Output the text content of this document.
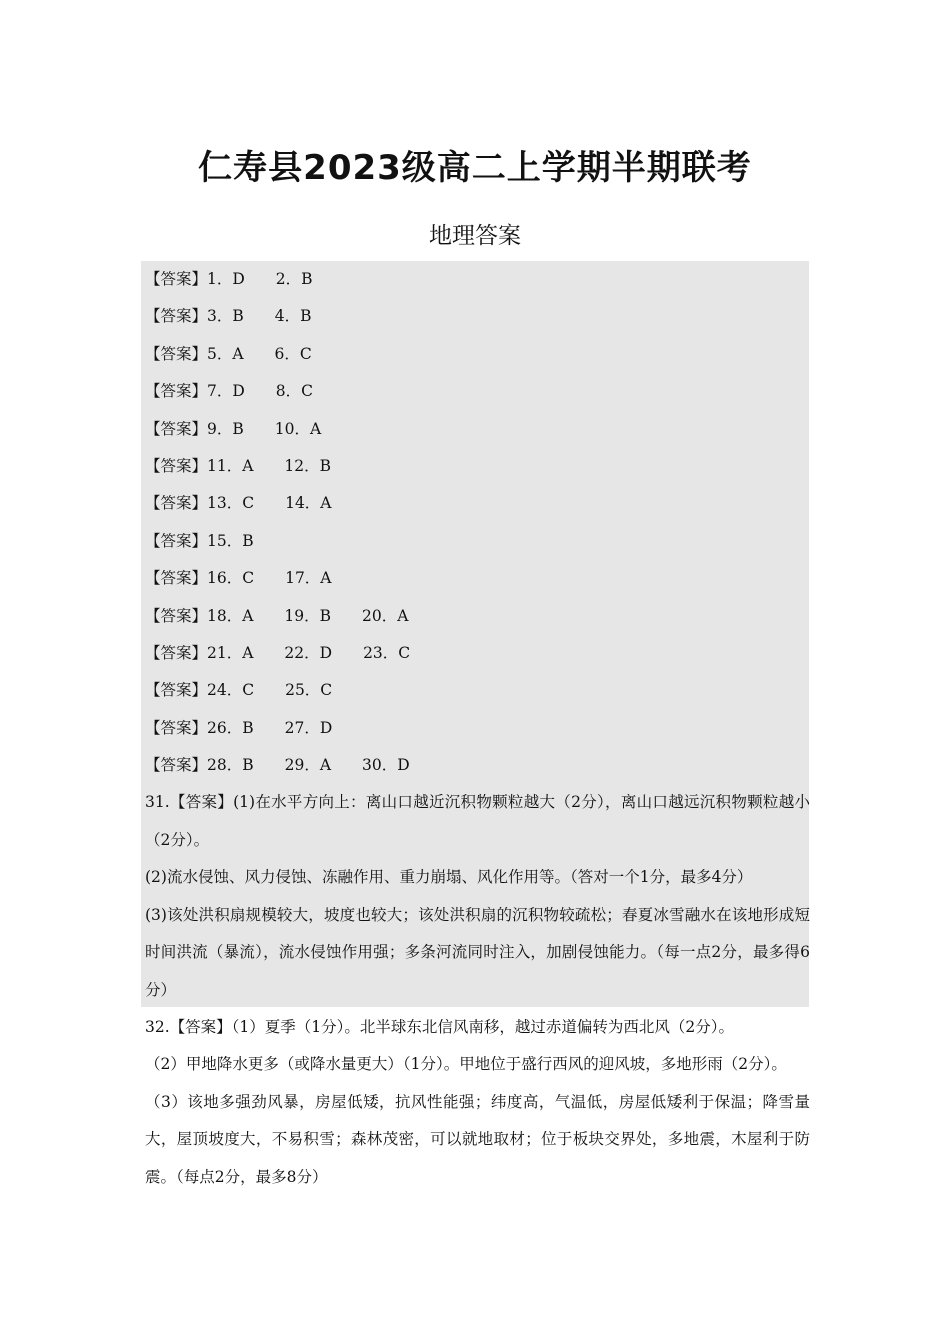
仁寿县2023级高二上学期半期联考
地理答案
【答案】1．D　　2．B
【答案】3．B　　4．B
【答案】5．A　　6．C
【答案】7．D　　8．C
【答案】9．B　　10．A
【答案】11．A　　12．B
【答案】13．C　　14．A
【答案】15．B
【答案】16．C　　17．A
【答案】18．A　　19．B　　20．A
【答案】21．A　　22．D　　23．C
【答案】24．C　　25．C
【答案】26．B　　27．D
【答案】28．B　　29．A　　30．D
31.【答案】(1)在水平方向上：离山口越近沉积物颗粒越大（2分），离山口越远沉积物颗粒越小（2分）。
(2)流水侵蚀、风力侵蚀、冻融作用、重力崩塌、风化作用等。（答对一个1分，最多4分）
(3)该处洪积扇规模较大，坡度也较大；该处洪积扇的沉积物较疏松；春夏冰雪融水在该地形成短时间洪流（暴流），流水侵蚀作用强；多条河流同时注入，加剧侵蚀能力。（每一点2分，最多得6分）
32.【答案】（1）夏季（1分）。北半球东北信风南移，越过赤道偏转为西北风（2分）。
（2）甲地降水更多（或降水量更大）（1分）。甲地位于盛行西风的迎风坡，多地形雨（2分）。
（3）该地多强劲风暴，房屋低矮，抗风性能强；纬度高，气温低，房屋低矮利于保温；降雪量大，屋顶坡度大，不易积雪；森林茂密，可以就地取材；位于板块交界处，多地震，木屋利于防震。（每点2分，最多8分）
